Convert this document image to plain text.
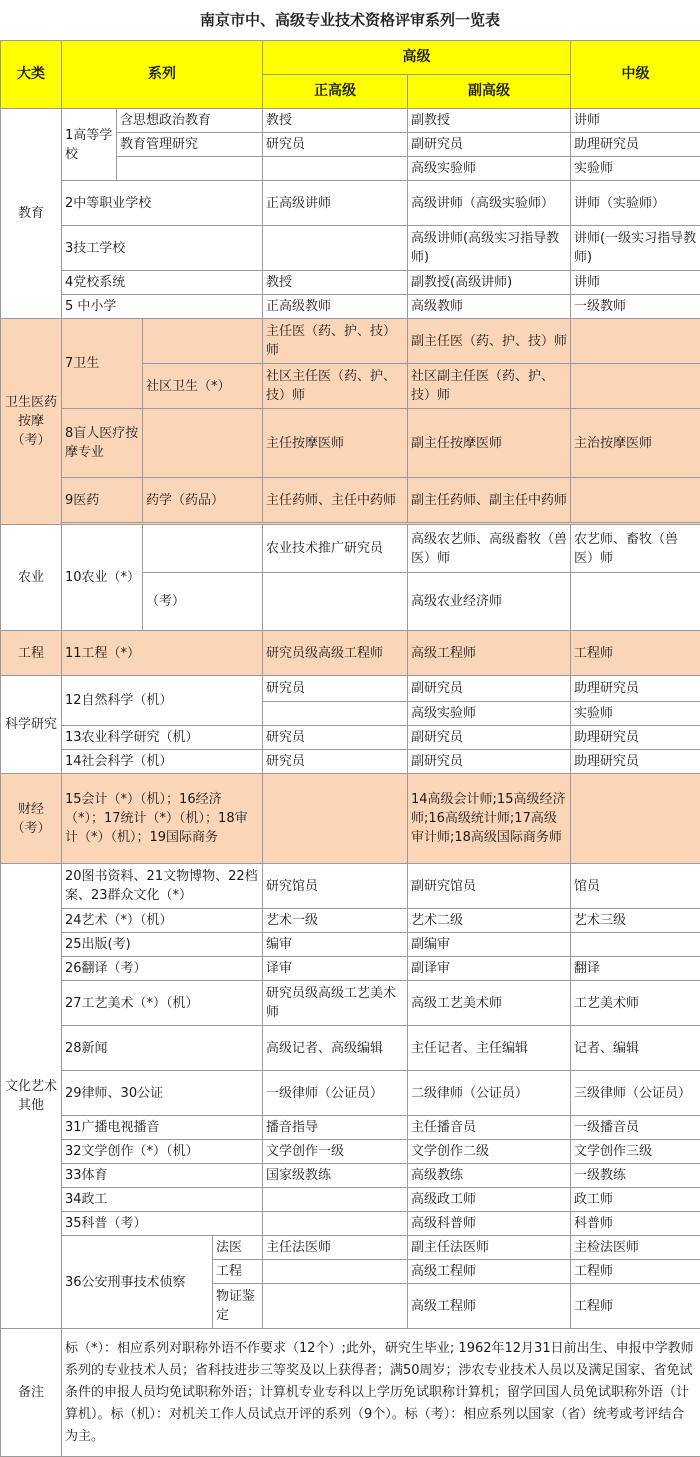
南京市中、高级专业技术资格评审系列一览表
大类	系列				高级		中级
					正高级	副高级	
教育	1高等学校	含思想政治教育			教授	副教授	讲师
		教育管理研究			研究员	副研究员	助理研究员
						高级实验师	实验师
	2中等职业学校				正高级讲师	高级讲师（高级实验师）	讲师（实验师）
	3技工学校					高级讲师(高级实习指导教师)	讲师(一级实习指导教师)
	4党校系统				教授	副教授(高级讲师)	讲师
	5 中小学				正高级教师	高级教师	一级教师
卫生医药按摩（考）	7卫生				主任医（药、护、技）师	副主任医（药、护、技）师	
			社区卫生（*）		社区主任医（药、护、技）师	社区副主任医（药、护、技）师	
	8盲人医疗按摩专业				主任按摩医师	副主任按摩医师	主治按摩医师
	9医药		药学（药品）		主任药师、主任中药师	副主任药师、副主任中药师	

农业	10农业（*）				农业技术推广研究员	高级农艺师、高级畜牧（兽医）师	农艺师、畜牧（兽医）师
			（考）			高级农业经济师	
工程	11工程（*）				研究员级高级工程师	高级工程师	工程师
科学研究	12自然科学（机）				研究员	副研究员	助理研究员
						高级实验师	实验师
	13农业科学研究（机）				研究员	副研究员	助理研究员
	14社会科学（机）				研究员	副研究员	助理研究员
财经（考）	15会计（*）（机）；16经济（*）；17统计（*）（机）；18审计（*）（机）；19国际商务					14高级会计师;15高级经济师;16高级统计师;17高级审计师;18高级国际商务师	
文化艺术其他	20图书资料、21文物博物、22档案、23群众文化（*）				研究馆员	副研究馆员	馆员
	24艺术（*）（机）				艺术一级	艺术二级	艺术三级
	25出版(考)				编审	副编审	
	26翻译（考）				译审	副译审	翻译
	27工艺美术（*）（机）				研究员级高级工艺美术师	高级工艺美术师	工艺美术师
	28新闻				高级记者、高级编辑	主任记者、主任编辑	记者、编辑
	29律师、30公证				一级律师（公证员）	二级律师（公证员）	三级律师（公证员）
	31广播电视播音				播音指导	主任播音员	一级播音员
	32文学创作（*）（机）				文学创作一级	文学创作二级	文学创作三级
	33体育				国家级教练	高级教练	一级教练
	34政工					高级政工师	政工师
	35科普（考）					高级科普师	科普师
	36公安刑事技术侦察			法医	主任法医师	副主任法医师	主检法医师
				工程		高级工程师	工程师
				物证鉴定		高级工程师	工程师
备注	标（*）：相应系列对职称外语不作要求（12个）;此外，研究生毕业; 1962年12月31日前出生、申报中学教师系列的专业技术人员；省科技进步三等奖及以上获得者；满50周岁；涉农专业技术人员以及满足国家、省免试条件的申报人员均免试职称外语；计算机专业专科以上学历免试职称计算机；留学回国人员免试职称外语（计算机）。标（机）：对机关工作人员试点开评的系列（9个）。标（考）：相应系列以国家（省）统考或考评结合为主。						
